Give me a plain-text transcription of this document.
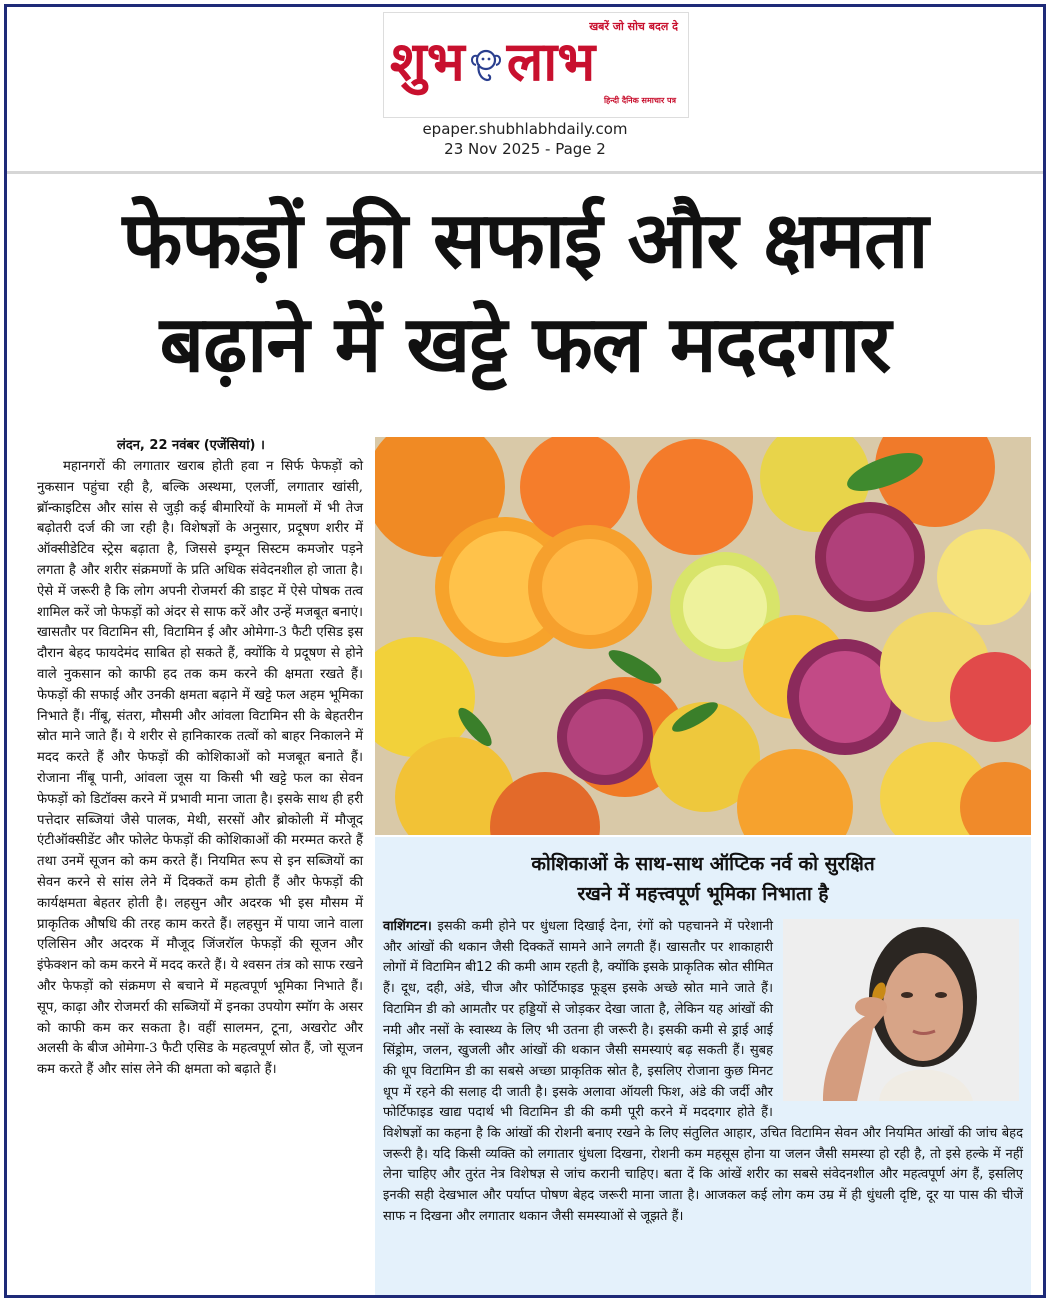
खबरें जो सोच बदल दे
शुभ लाभ
हिन्दी दैनिक समाचार पत्र
epaper.shubhlabhdaily.com
23 Nov 2025 - Page 2
फेफड़ों की सफाई और क्षमता
बढ़ाने में खट्टे फल मददगार
लंदन, 22 नवंबर (एजेंसियां) ।

महानगरों की लगातार खराब होती हवा न सिर्फ फेफड़ों को नुकसान पहुंचा रही है, बल्कि अस्थमा, एलर्जी, लगातार खांसी, ब्रॉन्काइटिस और सांस से जुड़ी कई बीमारियों के मामलों में भी तेज बढ़ोतरी दर्ज की जा रही है। विशेषज्ञों के अनुसार, प्रदूषण शरीर में ऑक्सीडेटिव स्ट्रेस बढ़ाता है, जिससे इम्यून सिस्टम कमजोर पड़ने लगता है और शरीर संक्रमणों के प्रति अधिक संवेदनशील हो जाता है। ऐसे में जरूरी है कि लोग अपनी रोजमर्रा की डाइट में ऐसे पोषक तत्व शामिल करें जो फेफड़ों को अंदर से साफ करें और उन्हें मजबूत बनाएं। खासतौर पर विटामिन सी, विटामिन ई और ओमेगा-3 फैटी एसिड इस दौरान बेहद फायदेमंद साबित हो सकते हैं, क्योंकि ये प्रदूषण से होने वाले नुकसान को काफी हद तक कम करने की क्षमता रखते हैं। फेफड़ों की सफाई और उनकी क्षमता बढ़ाने में खट्टे फल अहम भूमिका निभाते हैं। नींबू, संतरा, मौसमी और आंवला विटामिन सी के बेहतरीन स्रोत माने जाते हैं। ये शरीर से हानिकारक तत्वों को बाहर निकालने में मदद करते हैं और फेफड़ों की कोशिकाओं को मजबूत बनाते हैं। रोजाना नींबू पानी, आंवला जूस या किसी भी खट्टे फल का सेवन फेफड़ों को डिटॉक्स करने में प्रभावी माना जाता है। इसके साथ ही हरी पत्तेदार सब्जियां जैसे पालक, मेथी, सरसों और ब्रोकोली में मौजूद एंटीऑक्सीडेंट और फोलेट फेफड़ों की कोशिकाओं की मरम्मत करते हैं तथा उनमें सूजन को कम करते हैं। नियमित रूप से इन सब्जियों का सेवन करने से सांस लेने में दिक्कतें कम होती हैं और फेफड़ों की कार्यक्षमता बेहतर होती है। लहसुन और अदरक भी इस मौसम में प्राकृतिक औषधि की तरह काम करते हैं। लहसुन में पाया जाने वाला एलिसिन और अदरक में मौजूद जिंजरॉल फेफड़ों की सूजन और इंफेक्शन को कम करने में मदद करते हैं। ये श्वसन तंत्र को साफ रखने और फेफड़ों को संक्रमण से बचाने में महत्वपूर्ण भूमिका निभाते हैं। सूप, काढ़ा और रोजमर्रा की सब्जियों में इनका उपयोग स्मॉग के असर को काफी कम कर सकता है। वहीं सालमन, टूना, अखरोट और अलसी के बीज ओमेगा-3 फैटी एसिड के महत्वपूर्ण स्रोत हैं, जो सूजन कम करते हैं और सांस लेने की क्षमता को बढ़ाते हैं।

कोशिकाओं के साथ-साथ ऑप्टिक नर्व को सुरक्षित
रखने में महत्त्वपूर्ण भूमिका निभाता है
वाशिंगटन। इसकी कमी होने पर धुंधला दिखाई देना, रंगों को पहचानने में परेशानी और आंखों की थकान जैसी दिक्कतें सामने आने लगती हैं। खासतौर पर शाकाहारी लोगों में विटामिन बी12 की कमी आम रहती है, क्योंकि इसके प्राकृतिक स्रोत सीमित हैं। दूध, दही, अंडे, चीज और फोर्टिफाइड फूड्स इसके अच्छे स्रोत माने जाते हैं। विटामिन डी को आमतौर पर हड्डियों से जोड़कर देखा जाता है, लेकिन यह आंखों की नमी और नसों के स्वास्थ्य के लिए भी उतना ही जरूरी है। इसकी कमी से ड्राई आई सिंड्रोम, जलन, खुजली और आंखों की थकान जैसी समस्याएं बढ़ सकती हैं। सुबह की धूप विटामिन डी का सबसे अच्छा प्राकृतिक स्रोत है, इसलिए रोजाना कुछ मिनट धूप में रहने की सलाह दी जाती है। इसके अलावा ऑयली फिश, अंडे की जर्दी और फोर्टिफाइड खाद्य पदार्थ भी विटामिन डी की कमी पूरी करने में मददगार होते हैं। विशेषज्ञों का कहना है कि आंखों की रोशनी बनाए रखने के लिए संतुलित आहार, उचित विटामिन सेवन और नियमित आंखों की जांच बेहद जरूरी है। यदि किसी व्यक्ति को लगातार धुंधला दिखना, रोशनी कम महसूस होना या जलन जैसी समस्या हो रही है, तो इसे हल्के में नहीं लेना चाहिए और तुरंत नेत्र विशेषज्ञ से जांच करानी चाहिए। बता दें कि आंखें शरीर का सबसे संवेदनशील और महत्वपूर्ण अंग हैं, इसलिए इनकी सही देखभाल और पर्याप्त पोषण बेहद जरूरी माना जाता है। आजकल कई लोग कम उम्र में ही धुंधली दृष्टि, दूर या पास की चीजें साफ न दिखना और लगातार थकान जैसी समस्याओं से जूझते हैं।
